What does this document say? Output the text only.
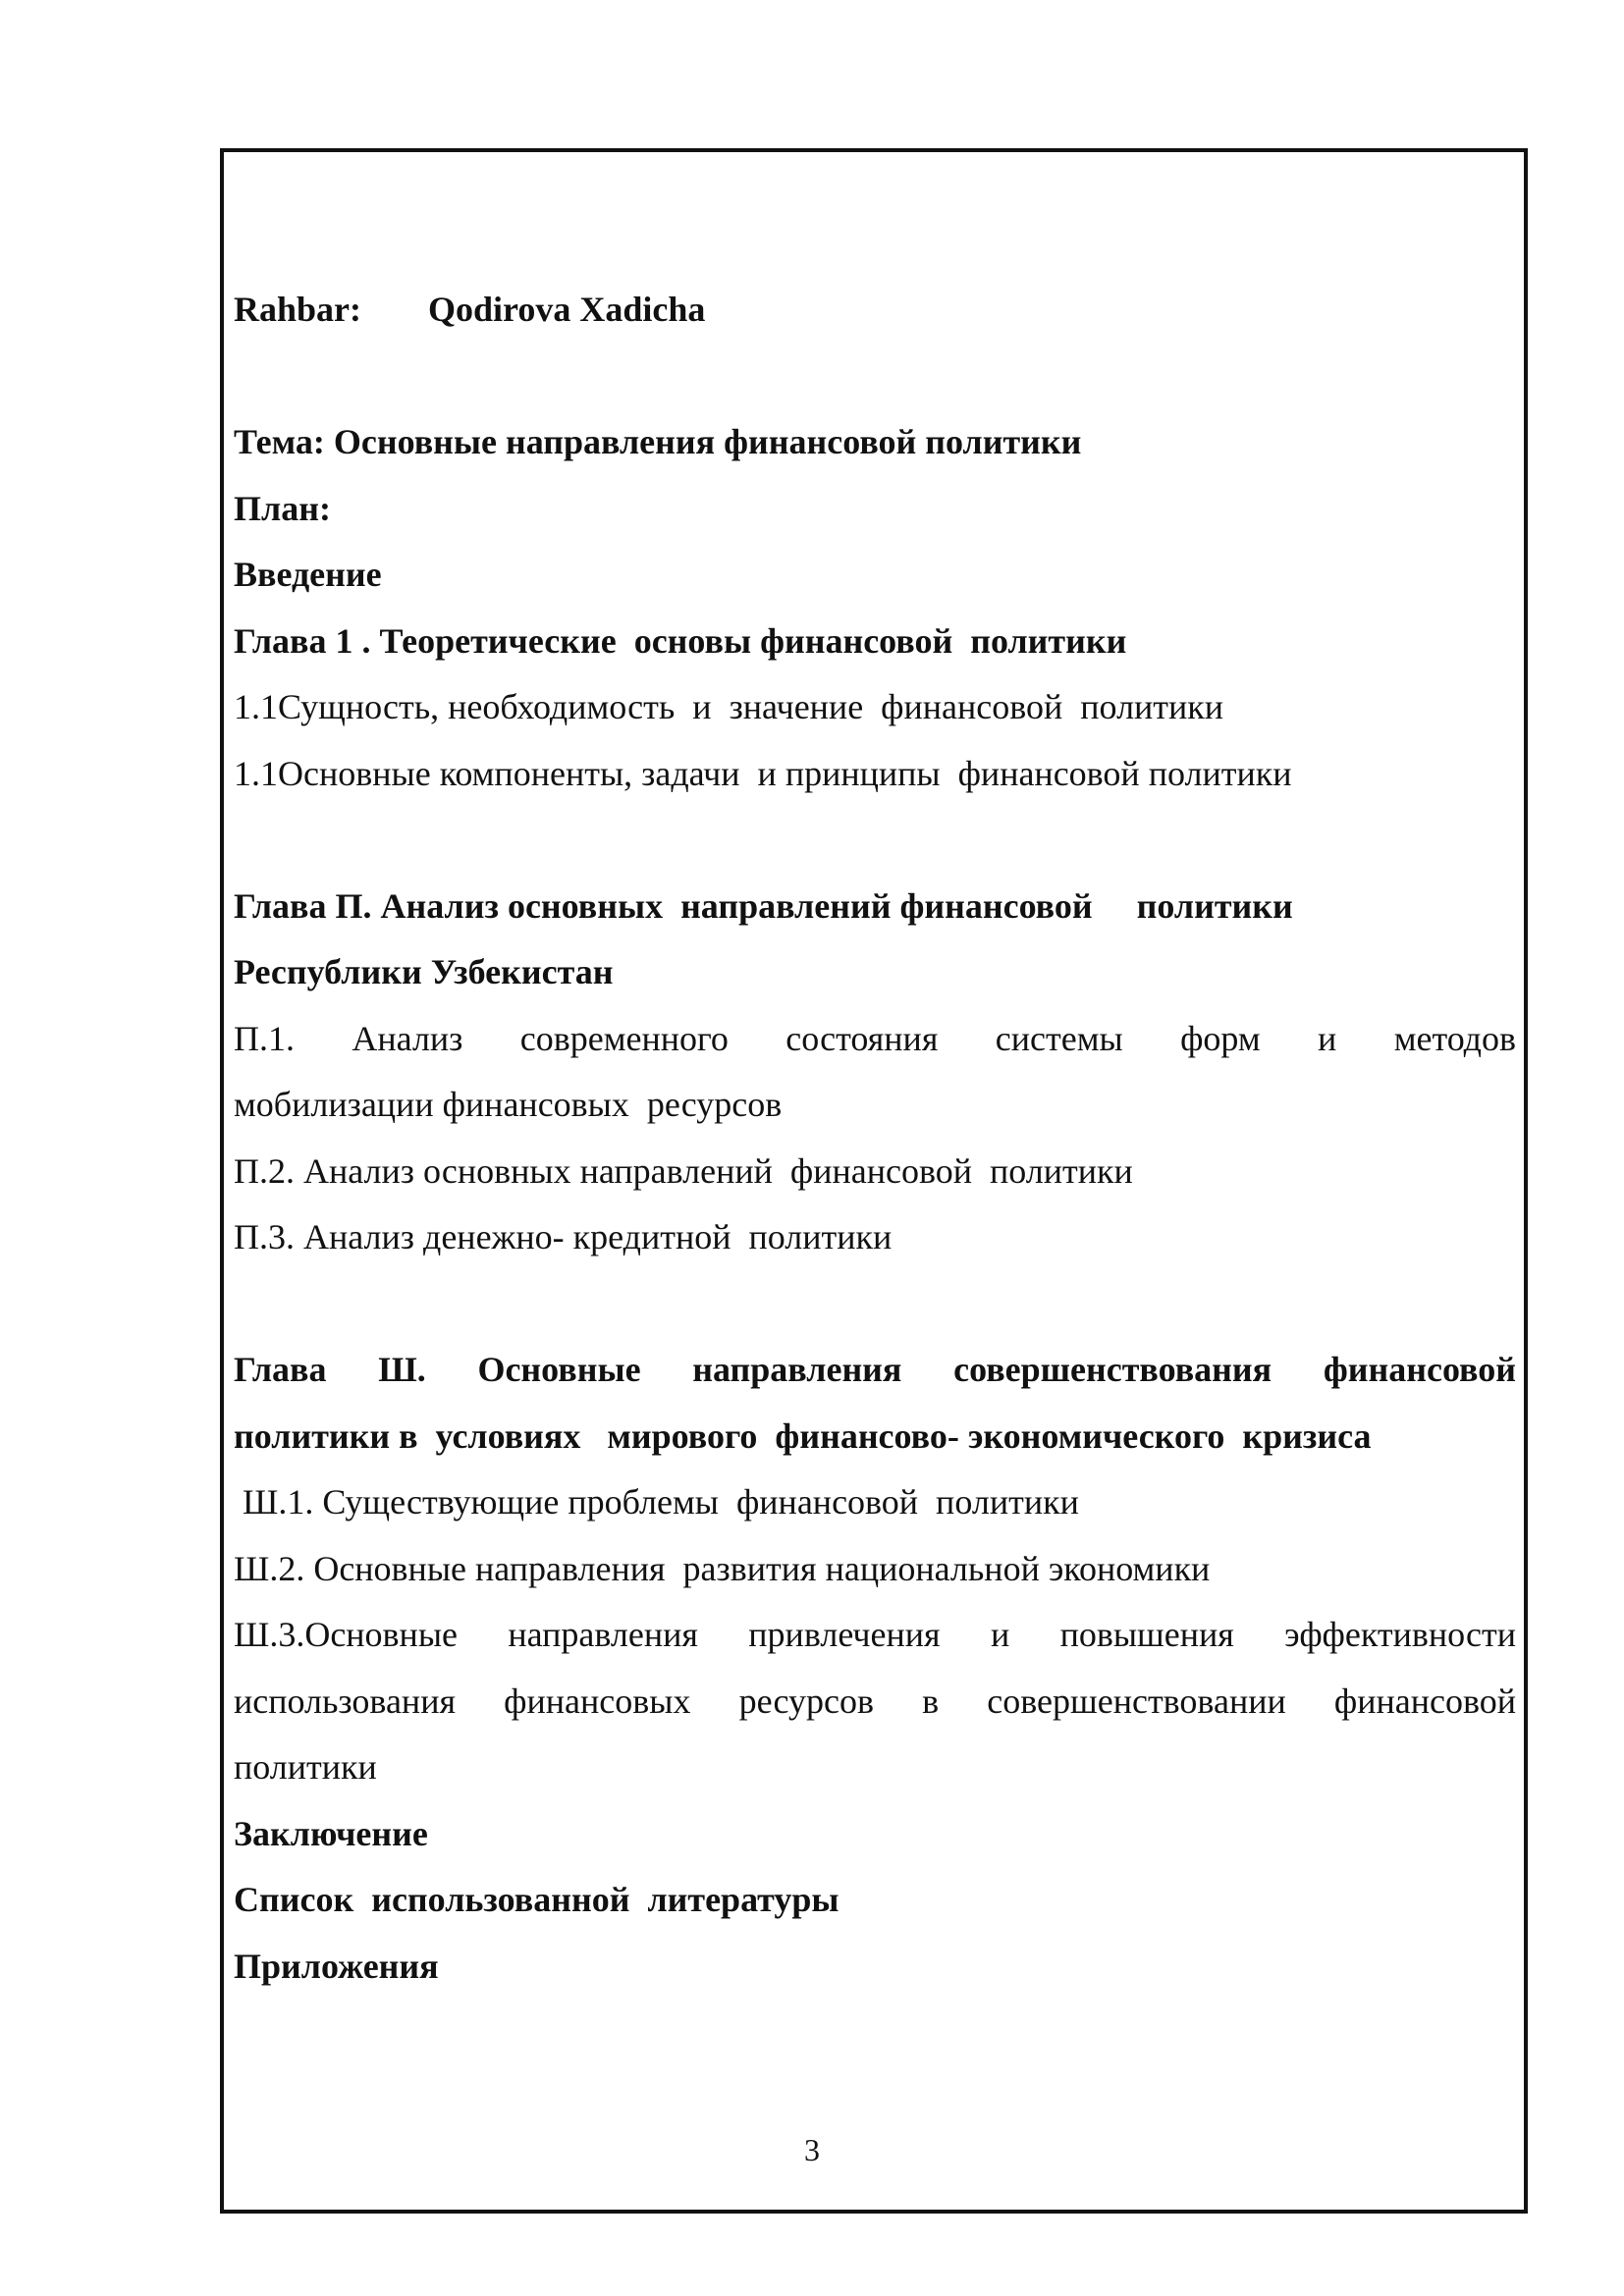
Rahbar: Qodirova Xadicha

Тема: Основные направления финансовой политики

План:

Введение

Глава 1 . Теоретические  основы финансовой  политики

1.1Сущность, необходимость  и  значение  финансовой  политики

1.1Основные компоненты, задачи  и принципы  финансовой политики

Глава П. Анализ основных  направлений финансовой     политики

Республики Узбекистан

П.1. Анализ современного состояния системы форм и методов

мобилизации финансовых  ресурсов

П.2. Анализ основных направлений  финансовой  политики

П.3. Анализ денежно- кредитной  политики

Глава Ш. Основные направления совершенствования финансовой

политики в  условиях   мирового  финансово- экономического  кризиса

Ш.1. Существующие проблемы  финансовой  политики

Ш.2. Основные направления  развития национальной экономики

Ш.3.Основные направления привлечения и повышения эффективности

использования финансовых ресурсов в совершенствовании финансовой

политики

Заключение

Список  использованной  литературы

Приложения

3
